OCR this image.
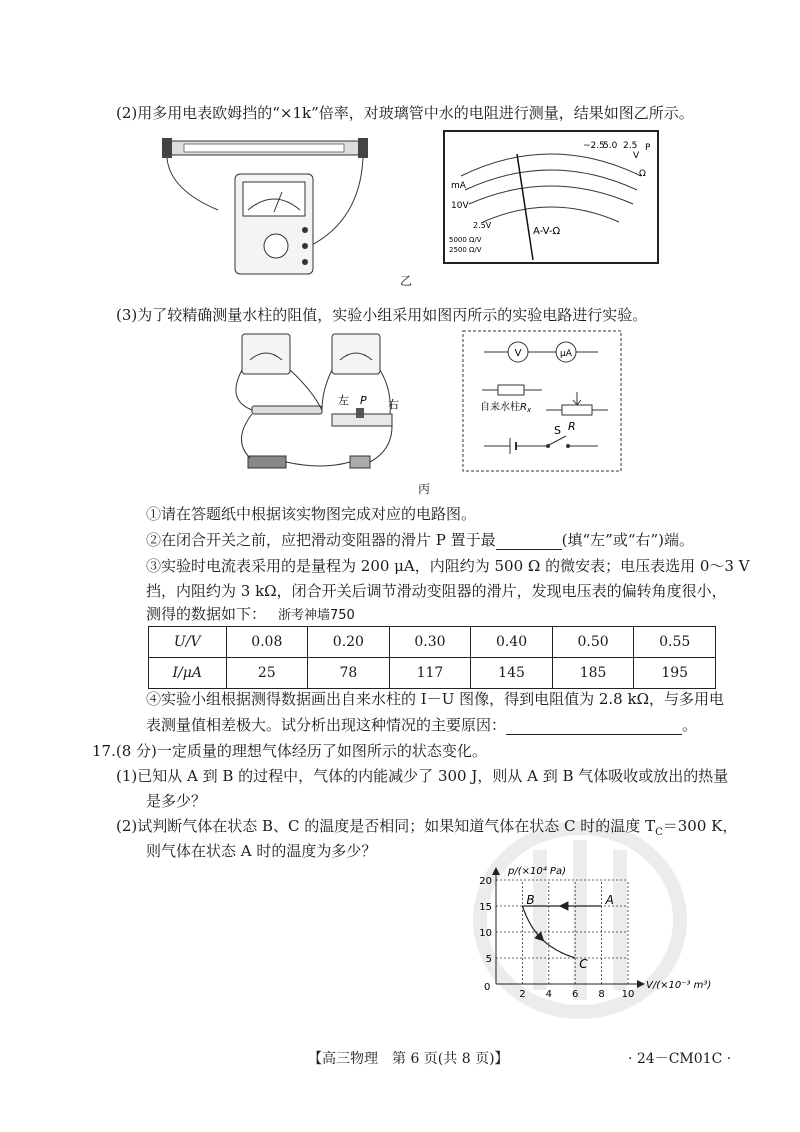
(2)用多用电表欧姆挡的“×1k”倍率，对玻璃管中水的电阻进行测量，结果如图乙所示。
~2.5
5.0 2.5
V
P
Ω
mA
10V
2.5V
A-V-Ω
5000 Ω/V
2500 Ω/V
乙
(3)为了较精确测量水柱的阻值，实验小组采用如图丙所示的实验电路进行实验。
左 P 右
丙
V	μA
自来水柱$R_x$
S R
①请在答题纸中根据该实物图完成对应的电路图。
②在闭合开关之前，应把滑动变阻器的滑片 P 置于最	(填“左”或“右”)端。
③实验时电流表采用的是量程为 200 μA，内阻约为 500 Ω 的微安表；电压表选用 0～3 V
挡，内阻约为 3 kΩ，闭合开关后调节滑动变阻器的滑片，发现电压表的偏转角度很小，
测得的数据如下： 浙考神墙750
U/V	0.08	0.20	0.30	0.40	0.50	0.55
I/μA	25	78	117	145	185	195
④实验小组根据测得数据画出自来水柱的 I－U 图像，得到电阻值为 2.8 kΩ，与多用电
表测量值相差极大。试分析出现这种情况的主要原因：	。
17.(8 分)一定质量的理想气体经历了如图所示的状态变化。
(1)已知从 A 到 B 的过程中，气体的内能减少了 300 J，则从 A 到 B 气体吸收或放出的热量
是多少？
(2)试判断气体在状态 B、C 的温度是否相同；如果知道气体在状态 C 时的温度 $T_C=300$ K，
则气体在状态 A 时的温度为多少？
p/(×10⁴ Pa)
V/(×10⁻³ m³)
0
2 4 6 8 10
5
10
15
20
A
B
C
【高三物理　第 6 页(共 8 页)】	· 24－CM01C ·
